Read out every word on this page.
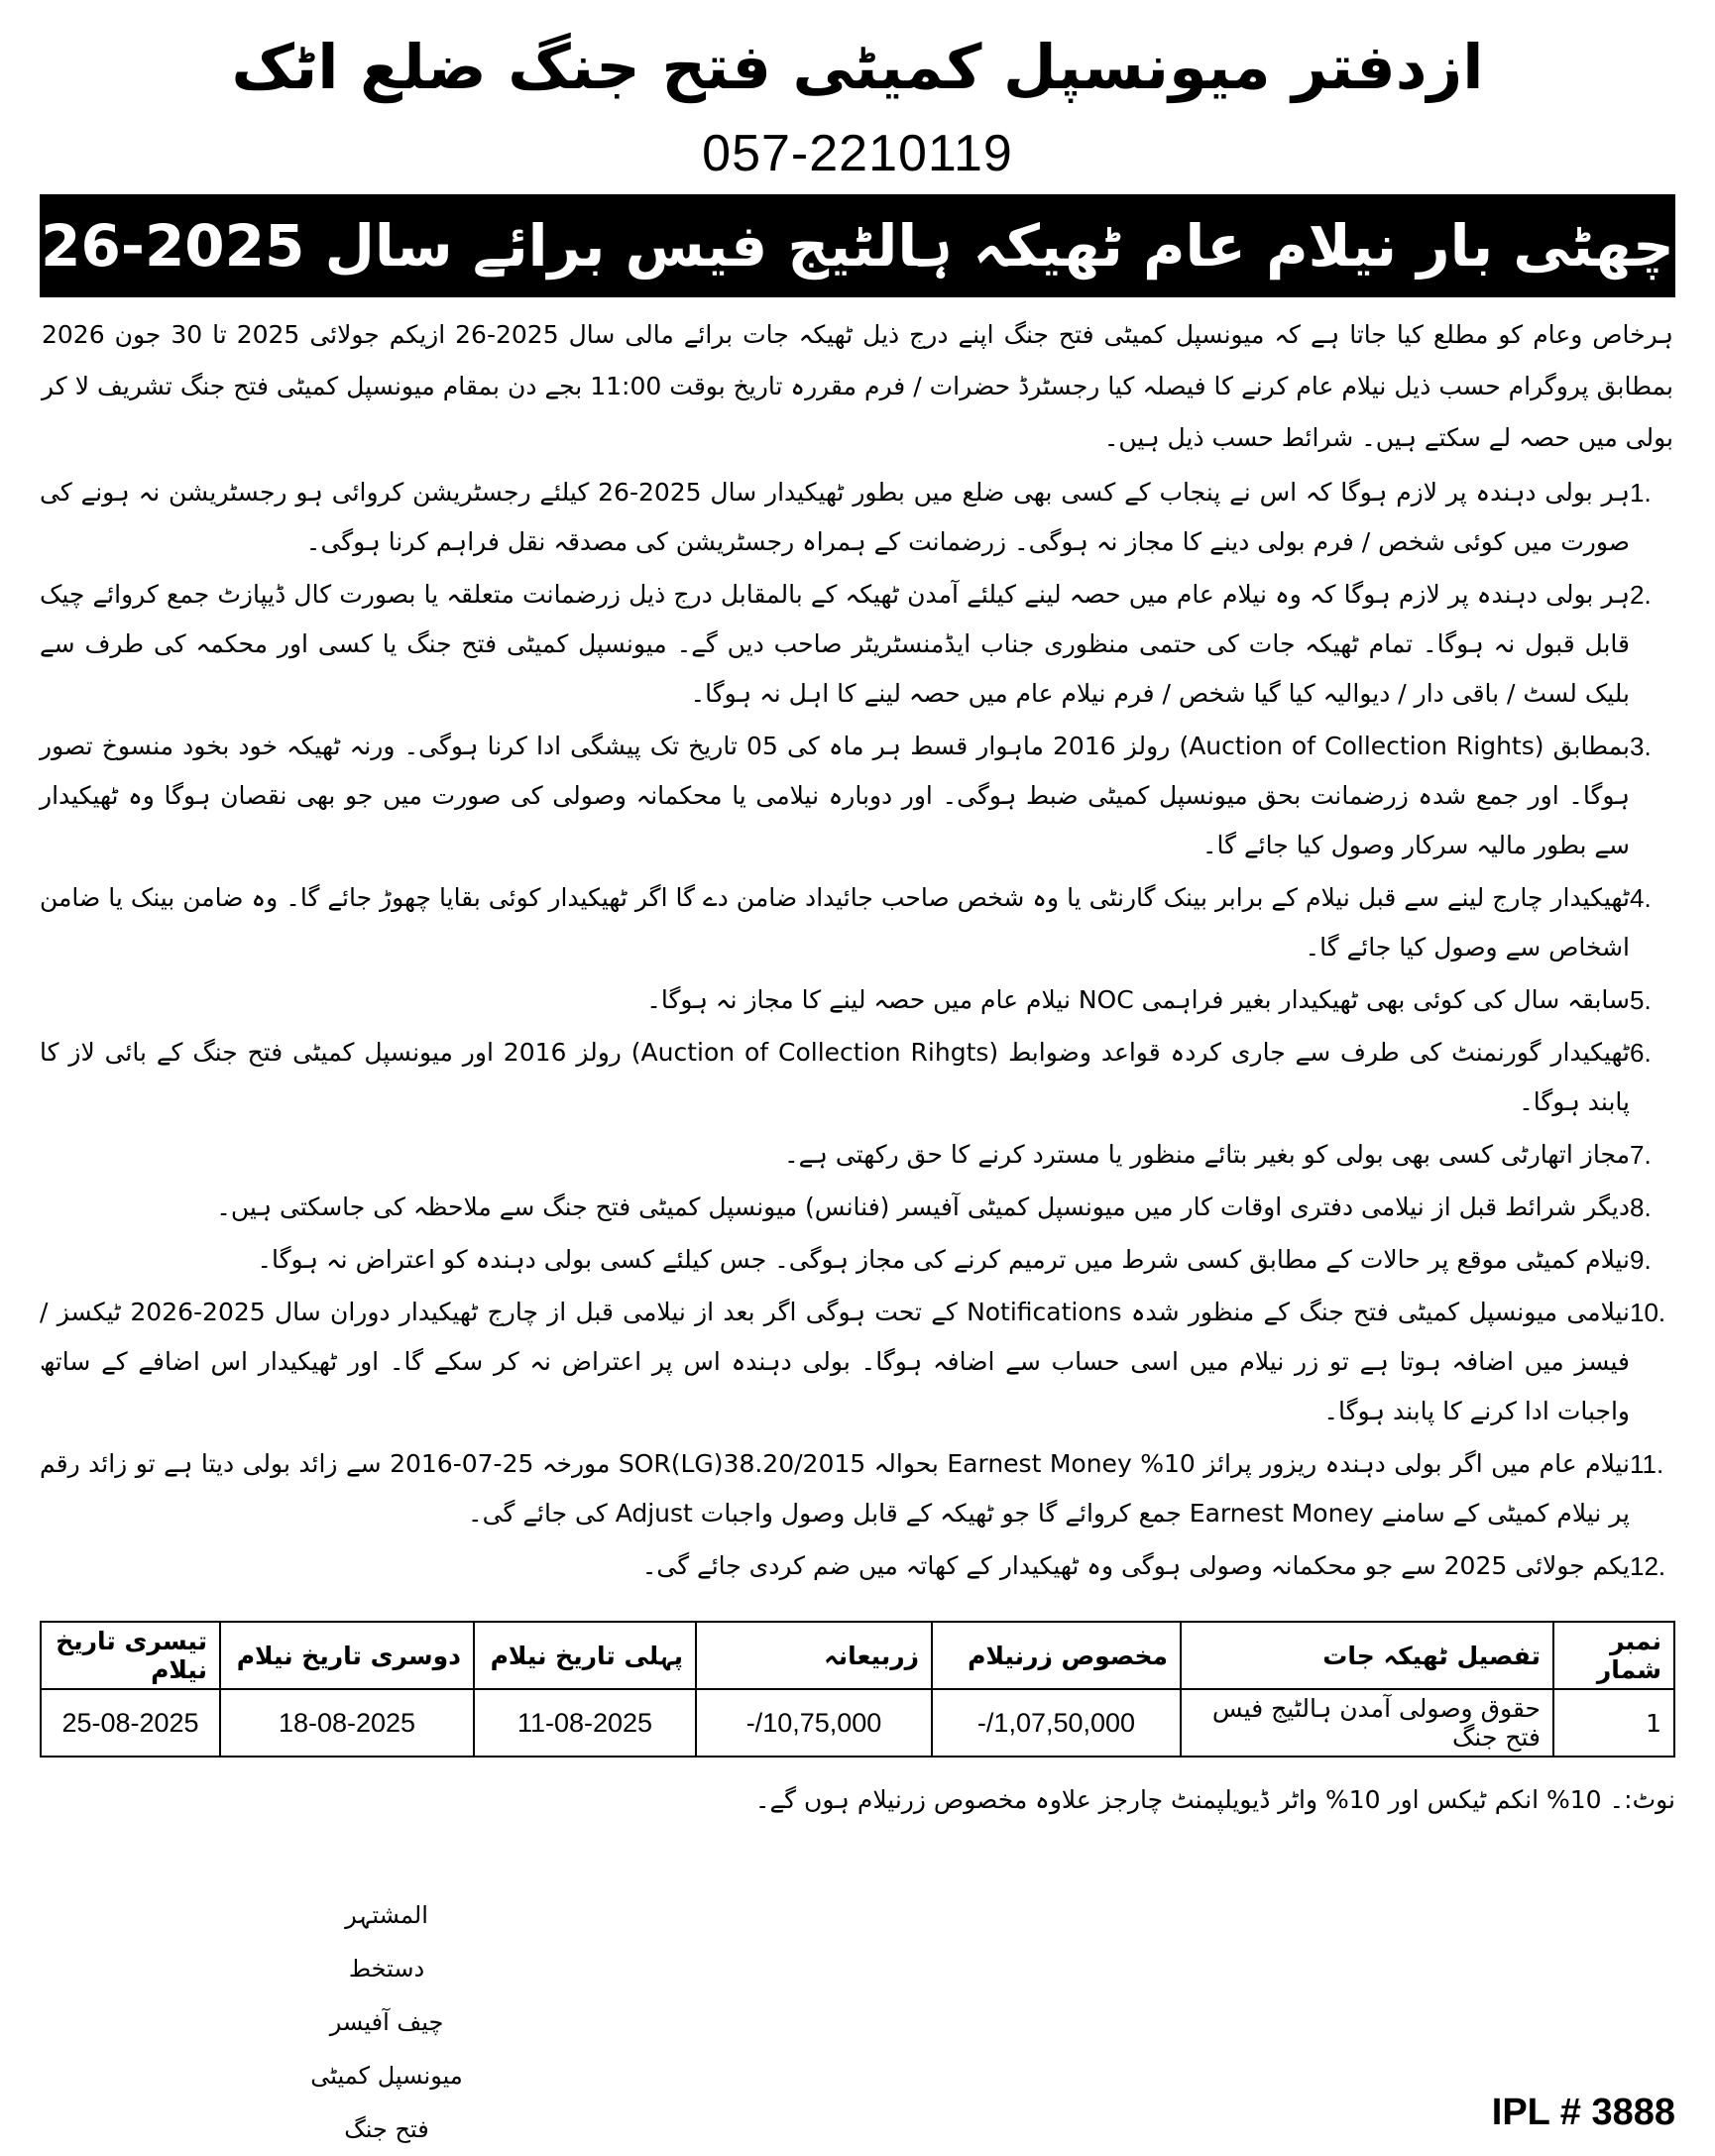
ازدفتر میونسپل کمیٹی فتح جنگ ضلع اٹک
057-2210119
چھٹی بار نیلام عام ٹھیکہ ہالٹیج فیس برائے سال 2025-26
ہرخاص وعام کو مطلع کیا جاتا ہے کہ میونسپل کمیٹی فتح جنگ اپنے درج ذیل ٹھیکہ جات برائے مالی سال 2025-26 ازیکم جولائی 2025 تا 30 جون 2026 بمطابق پروگرام حسب ذیل نیلام عام کرنے کا فیصلہ کیا رجسٹرڈ حضرات / فرم مقررہ تاریخ بوقت 11:00 بجے دن بمقام میونسپل کمیٹی فتح جنگ تشریف لا کر بولی میں حصہ لے سکتے ہیں۔ شرائط حسب ذیل ہیں۔
1.
ہر بولی دہندہ پر لازم ہوگا کہ اس نے پنجاب کے کسی بھی ضلع میں بطور ٹھیکیدار سال 2025-26 کیلئے رجسٹریشن کروائی ہو رجسٹریشن نہ ہونے کی صورت میں کوئی شخص / فرم بولی دینے کا مجاز نہ ہوگی۔ زرضمانت کے ہمراہ رجسٹریشن کی مصدقہ نقل فراہم کرنا ہوگی۔
2.
ہر بولی دہندہ پر لازم ہوگا کہ وہ نیلام عام میں حصہ لینے کیلئے آمدن ٹھیکہ کے بالمقابل درج ذیل زرضمانت متعلقہ یا بصورت کال ڈیپازٹ جمع کروائے چیک قابل قبول نہ ہوگا۔ تمام ٹھیکہ جات کی حتمی منظوری جناب ایڈمنسٹریٹر صاحب دیں گے۔ میونسپل کمیٹی فتح جنگ یا کسی اور محکمہ کی طرف سے بلیک لسٹ / باقی دار / دیوالیہ کیا گیا شخص / فرم نیلام عام میں حصہ لینے کا اہل نہ ہوگا۔
3.
بمطابق (Auction of Collection Rights) رولز 2016 ماہوار قسط ہر ماہ کی 05 تاریخ تک پیشگی ادا کرنا ہوگی۔ ورنہ ٹھیکہ خود بخود منسوخ تصور ہوگا۔ اور جمع شدہ زرضمانت بحق میونسپل کمیٹی ضبط ہوگی۔ اور دوبارہ نیلامی یا محکمانہ وصولی کی صورت میں جو بھی نقصان ہوگا وہ ٹھیکیدار سے بطور مالیہ سرکار وصول کیا جائے گا۔
4.
ٹھیکیدار چارج لینے سے قبل نیلام کے برابر بینک گارنٹی یا وہ شخص صاحب جائیداد ضامن دے گا اگر ٹھیکیدار کوئی بقایا چھوڑ جائے گا۔ وہ ضامن بینک یا ضامن اشخاص سے وصول کیا جائے گا۔
5.
سابقہ سال کی کوئی بھی ٹھیکیدار بغیر فراہمی NOC نیلام عام میں حصہ لینے کا مجاز نہ ہوگا۔
6.
ٹھیکیدار گورنمنٹ کی طرف سے جاری کردہ قواعد وضوابط (Auction of Collection Rihgts) رولز 2016 اور میونسپل کمیٹی فتح جنگ کے بائی لاز کا پابند ہوگا۔
7.
مجاز اتھارٹی کسی بھی بولی کو بغیر بتائے منظور یا مسترد کرنے کا حق رکھتی ہے۔
8.
دیگر شرائط قبل از نیلامی دفتری اوقات کار میں میونسپل کمیٹی آفیسر (فنانس) میونسپل کمیٹی فتح جنگ سے ملاحظہ کی جاسکتی ہیں۔
9.
نیلام کمیٹی موقع پر حالات کے مطابق کسی شرط میں ترمیم کرنے کی مجاز ہوگی۔ جس کیلئے کسی بولی دہندہ کو اعتراض نہ ہوگا۔
10.
نیلامی میونسپل کمیٹی فتح جنگ کے منظور شدہ Notifications کے تحت ہوگی اگر بعد از نیلامی قبل از چارج ٹھیکیدار دوران سال 2025-2026 ٹیکسز / فیسز میں اضافہ ہوتا ہے تو زر نیلام میں اسی حساب سے اضافہ ہوگا۔ بولی دہندہ اس پر اعتراض نہ کر سکے گا۔ اور ٹھیکیدار اس اضافے کے ساتھ واجبات ادا کرنے کا پابند ہوگا۔
11.
نیلام عام میں اگر بولی دہندہ ریزور پرائز 10% Earnest Money بحوالہ SOR(LG)38.20/2015 مورخہ 25-07-2016 سے زائد بولی دیتا ہے تو زائد رقم پر نیلام کمیٹی کے سامنے Earnest Money جمع کروائے گا جو ٹھیکہ کے قابل وصول واجبات Adjust کی جائے گی۔
12.
یکم جولائی 2025 سے جو محکمانہ وصولی ہوگی وہ ٹھیکیدار کے کھاتہ میں ضم کردی جائے گی۔
نمبر شمار	تفصیل ٹھیکہ جات	مخصوص زرنیلام	زربیعانہ	پہلی تاریخ نیلام	دوسری تاریخ نیلام	تیسری تاریخ نیلام
1	حقوق وصولی آمدن ہالٹیج فیس فتح جنگ	1,07,50,000/-	10,75,000/-	11-08-2025	18-08-2025	25-08-2025
نوٹ:۔ 10% انکم ٹیکس اور 10% واٹر ڈیویلپمنٹ چارجز علاوہ مخصوص زرنیلام ہوں گے۔
المشتہر
دستخط
چیف آفیسر
میونسپل کمیٹی فتح جنگ	IPL # 3888
